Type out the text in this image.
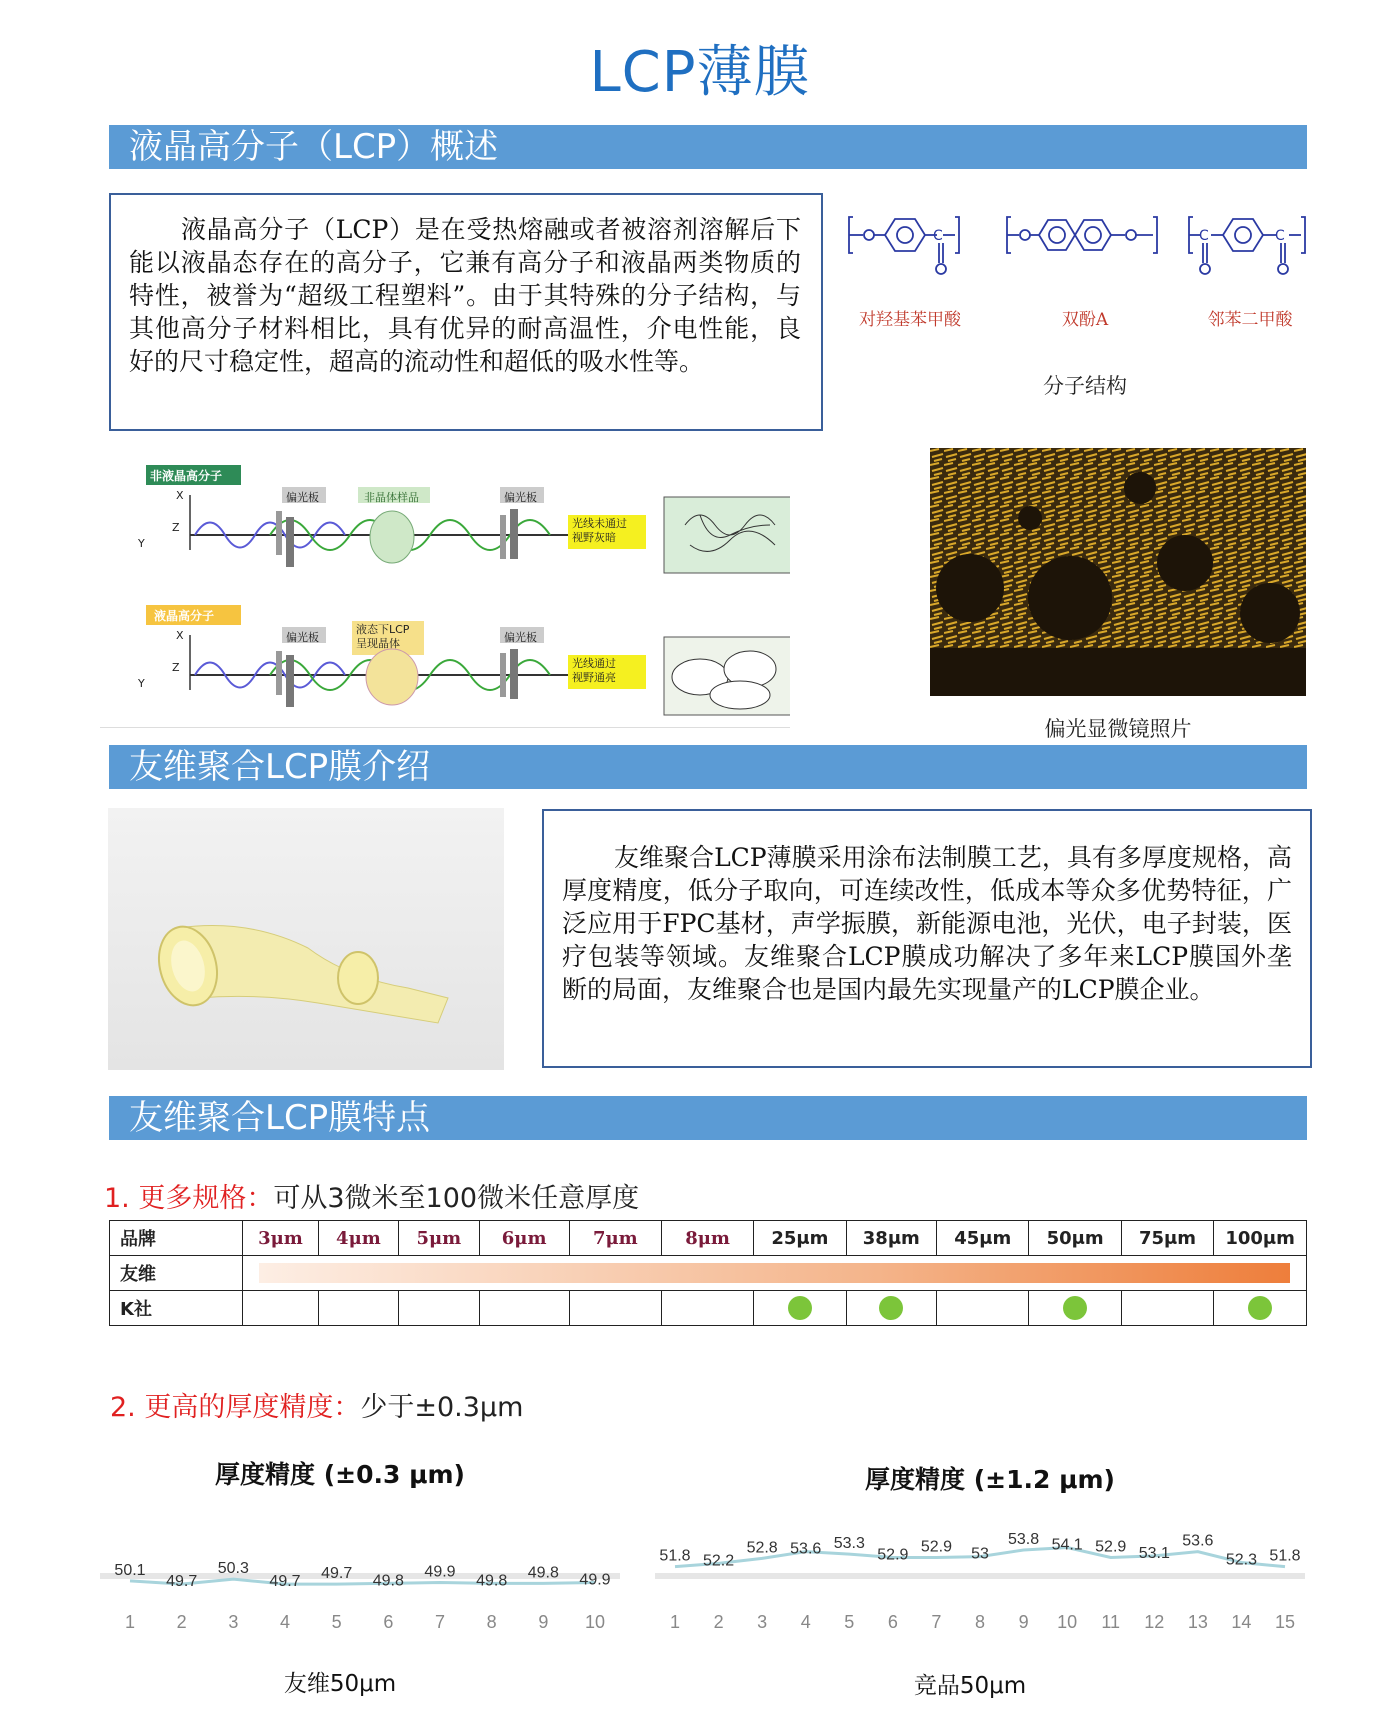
LCP薄膜
液晶高分子（LCP）概述
液晶高分子（LCP）是在受热熔融或者被溶剂溶解后下能以液晶态存在的高分子，它兼有高分子和液晶两类物质的特性，被誉为“超级工程塑料”。由于其特殊的分子结构，与其他高分子材料相比，具有优异的耐高温性，介电性能，良好的尺寸稳定性，超高的流动性和超低的吸水性等。
C	C	C
对羟基苯甲酸	双酚A	邻苯二甲酸
分子结构
非液晶高分子
偏光板	非晶体样品	偏光板
光线未通过
视野灰暗
液晶高分子
偏光板
液态下LCP
呈现晶体	偏光板
光线通过
视野通亮
X
Z
Y
X
Z
Y
偏光显微镜照片
友维聚合LCP膜介绍
友维聚合LCP薄膜采用涂布法制膜工艺，具有多厚度规格，高厚度精度，低分子取向，可连续改性，低成本等众多优势特征，广泛应用于FPC基材，声学振膜，新能源电池，光伏，电子封装，医疗包装等领域。友维聚合LCP膜成功解决了多年来LCP膜国外垄断的局面，友维聚合也是国内最先实现量产的LCP膜企业。
友维聚合LCP膜特点
1. 更多规格：可从3微米至100微米任意厚度
品牌	3μm	4μm	5μm	6μm	7μm	8μm	25μm	38μm	45μm	50μm	75μm	100μm
友维												

K社												
2. 更高的厚度精度：少于±0.3μm
厚度精度 (±0.3 μm)
50.1
1
49.7
2
50.3
3
49.7
4
49.7
5
49.8
6
49.9
7
49.8
8
49.8
9
49.9
10
友维50μm
厚度精度 (±1.2 μm)
51.8
1
52.2
2
52.8
3
53.6
4
53.3
5
52.9
6
52.9
7
53
8
53.8
9
54.1
10
52.9
11
53.1
12
53.6
13
52.3
14
51.8
15
竞品50μm
